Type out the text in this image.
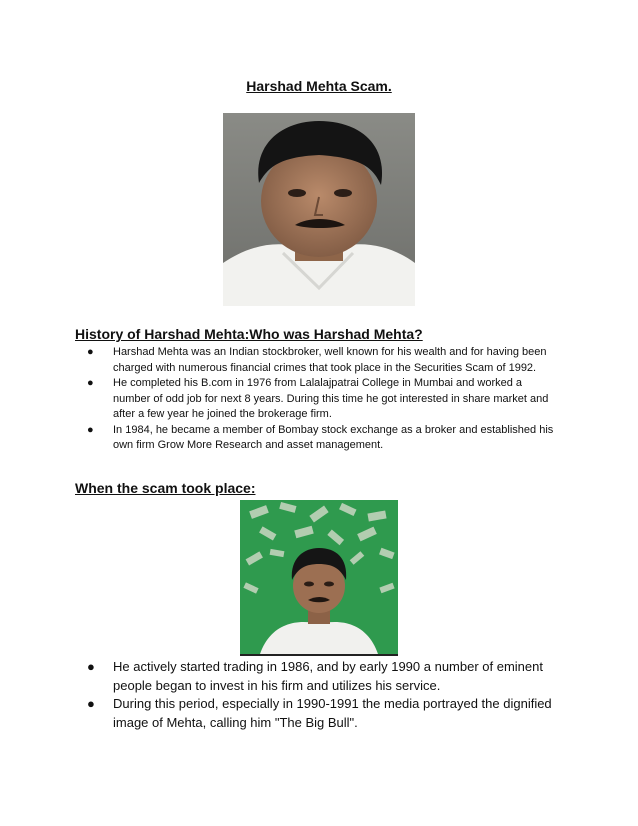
Harshad Mehta Scam.
History of Harshad Mehta:Who was Harshad Mehta?
● Harshad Mehta was an Indian stockbroker, well known for his wealth and for having been charged with numerous financial crimes that took place in the Securities Scam of 1992.
● He completed his B.com in 1976 from Lalalajpatrai College in Mumbai and worked a number of odd job for next 8 years. During this time he got interested in share market and after a few year he joined the brokerage firm.
● In 1984, he became a member of Bombay stock exchange as a broker and established his own firm Grow More Research and asset management.
When the scam took place:
● He actively started trading in 1986, and by early 1990 a number of eminent people began to invest in his firm and utilizes his service.
● During this period, especially in 1990-1991 the media portrayed the dignified image of Mehta, calling him "The Big Bull".
